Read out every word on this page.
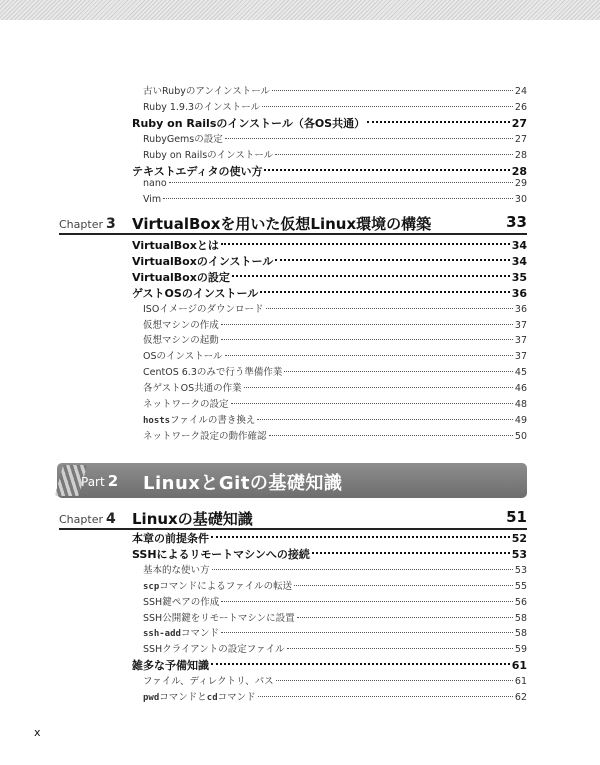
古いRubyのアンインストール	24
Ruby 1.9.3のインストール	26
Ruby on Railsのインストール（各OS共通）	27
RubyGemsの設定	27
Ruby on Railsのインストール	28
テキストエディタの使い方	28
nano	29
Vim	30
Chapter 3 VirtualBoxを用いた仮想Linux環境の構築	33
VirtualBoxとは	34
VirtualBoxのインストール	34
VirtualBoxの設定	35
ゲストOSのインストール	36
ISOイメージのダウンロード	36
仮想マシンの作成	37
仮想マシンの起動	37
OSのインストール	37
CentOS 6.3のみで行う準備作業	45
各ゲストOS共通の作業	46
ネットワークの設定	48
hostsファイルの書き換え	49
ネットワーク設定の動作確認	50
Part 2 LinuxとGitの基礎知識
Chapter 4 Linuxの基礎知識	51
本章の前提条件	52
SSHによるリモートマシンへの接続	53
基本的な使い方	53
scpコマンドによるファイルの転送	55
SSH鍵ペアの作成	56
SSH公開鍵をリモートマシンに設置	58
ssh-addコマンド	58
SSHクライアントの設定ファイル	59
雑多な予備知識	61
ファイル、ディレクトリ、パス	61
pwdコマンドとcdコマンド	62
x
